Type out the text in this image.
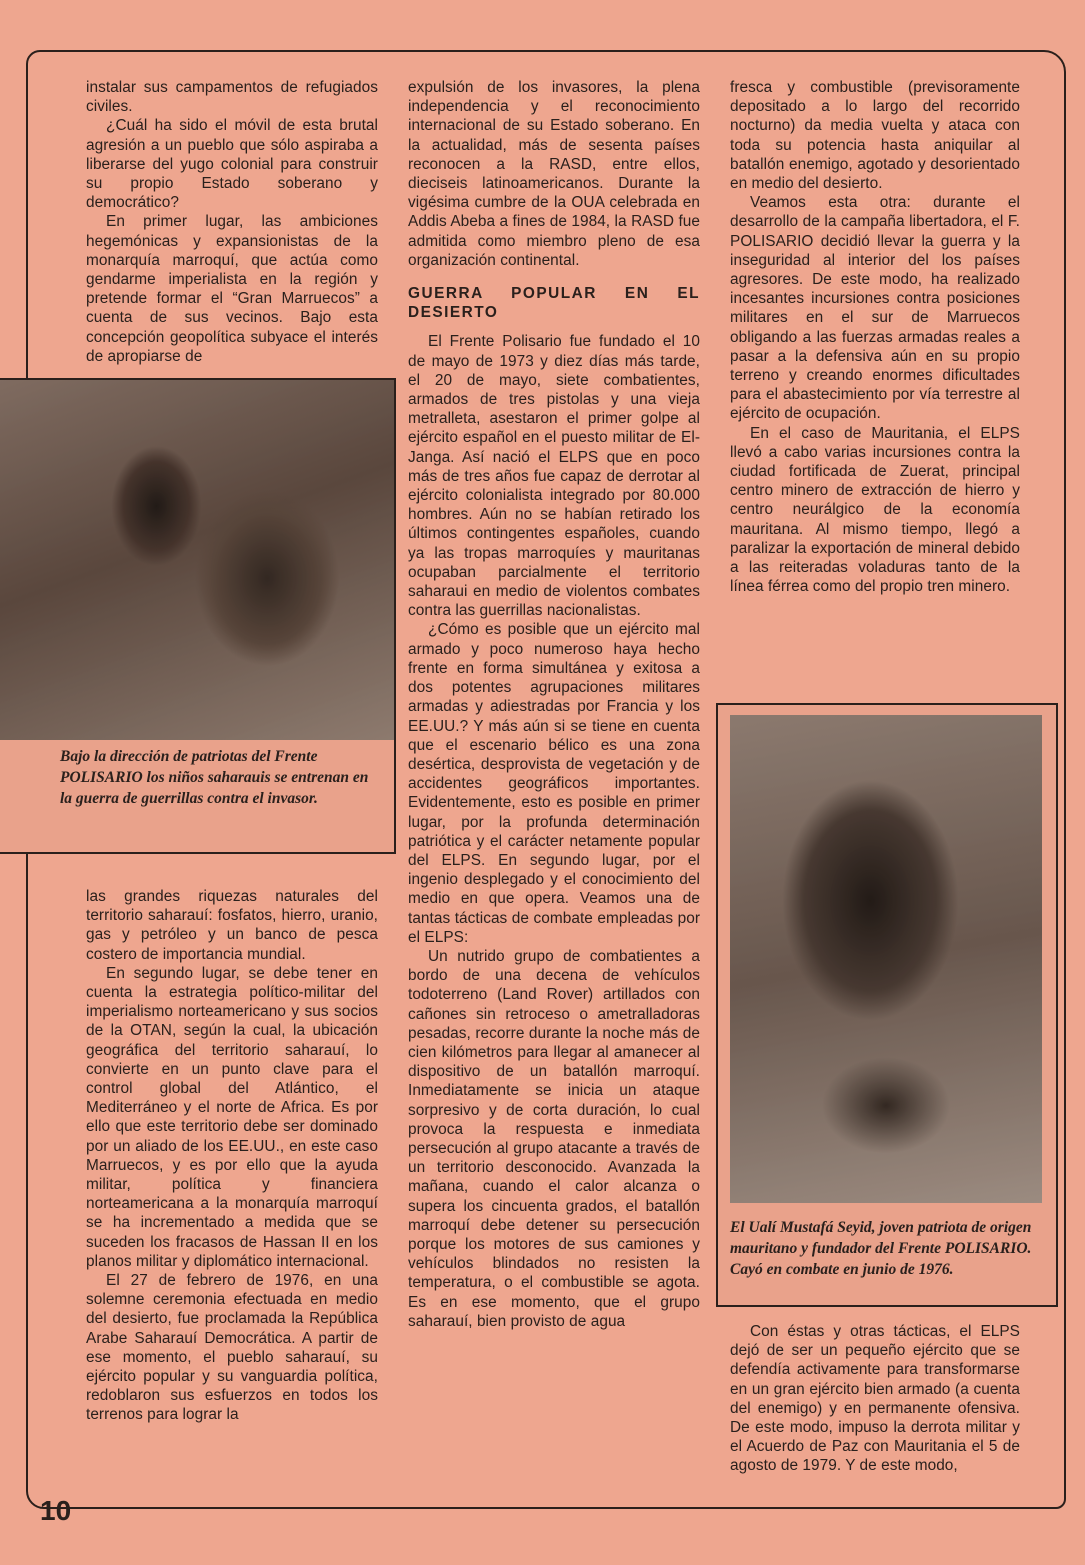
instalar sus campamentos de refugiados civiles.

¿Cuál ha sido el móvil de esta brutal agresión a un pueblo que sólo aspiraba a liberarse del yugo colonial para construir su propio Estado soberano y democrático?

En primer lugar, las ambiciones hegemónicas y expansionistas de la monarquía marroquí, que actúa como gendarme imperialista en la región y pretende formar el “Gran Marruecos” a cuenta de sus vecinos. Bajo esta concepción geopolítica subyace el interés de apropiarse de

Bajo la dirección de patriotas del Frente POLISARIO los niños saharauis se entrenan en la guerra de guerrillas contra el invasor.

las grandes riquezas naturales del territorio saharauí: fosfatos, hierro, uranio, gas y petróleo y un banco de pesca costero de importancia mundial.

En segundo lugar, se debe tener en cuenta la estrategia político-militar del imperialismo norteamericano y sus socios de la OTAN, según la cual, la ubicación geográfica del territorio saharauí, lo convierte en un punto clave para el control global del Atlántico, el Mediterráneo y el norte de Africa. Es por ello que este territorio debe ser dominado por un aliado de los EE.UU., en este caso Marruecos, y es por ello que la ayuda militar, política y financiera norteamericana a la monarquía marroquí se ha incrementado a medida que se suceden los fracasos de Hassan II en los planos militar y diplomático internacional.

El 27 de febrero de 1976, en una solemne ceremonia efectuada en medio del desierto, fue proclamada la República Arabe Saharauí Democrática. A partir de ese momento, el pueblo saharauí, su ejército popular y su vanguardia política, redoblaron sus esfuerzos en todos los terrenos para lograr la

expulsión de los invasores, la plena independencia y el reconocimiento internacional de su Estado soberano. En la actualidad, más de sesenta países reconocen a la RASD, entre ellos, dieciseis latinoamericanos. Durante la vigésima cumbre de la OUA celebrada en Addis Abeba a fines de 1984, la RASD fue admitida como miembro pleno de esa organización continental.

GUERRA POPULAR EN EL DESIERTO

El Frente Polisario fue fundado el 10 de mayo de 1973 y diez días más tarde, el 20 de mayo, siete combatientes, armados de tres pistolas y una vieja metralleta, asestaron el primer golpe al ejército español en el puesto militar de El-Janga. Así nació el ELPS que en poco más de tres años fue capaz de derrotar al ejército colonialista integrado por 80.000 hombres. Aún no se habían retirado los últimos contingentes españoles, cuando ya las tropas marroquíes y mauritanas ocupaban parcialmente el territorio saharaui en medio de violentos combates contra las guerrillas nacionalistas.

¿Cómo es posible que un ejército mal armado y poco numeroso haya hecho frente en forma simultánea y exitosa a dos potentes agrupaciones militares armadas y adiestradas por Francia y los EE.UU.? Y más aún si se tiene en cuenta que el escenario bélico es una zona desértica, desprovista de vegetación y de accidentes geográficos importantes. Evidentemente, esto es posible en primer lugar, por la profunda determinación patriótica y el carácter netamente popular del ELPS. En segundo lugar, por el ingenio desplegado y el conocimiento del medio en que opera. Veamos una de tantas tácticas de combate empleadas por el ELPS:

Un nutrido grupo de combatientes a bordo de una decena de vehículos todoterreno (Land Rover) artillados con cañones sin retroceso o ametralladoras pesadas, recorre durante la noche más de cien kilómetros para llegar al amanecer al dispositivo de un batallón marroquí. Inmediatamente se inicia un ataque sorpresivo y de corta duración, lo cual provoca la respuesta e inmediata persecución al grupo atacante a través de un territorio desconocido. Avanzada la mañana, cuando el calor alcanza o supera los cincuenta grados, el batallón marroquí debe detener su persecución porque los motores de sus camiones y vehículos blindados no resisten la temperatura, o el combustible se agota. Es en ese momento, que el grupo saharauí, bien provisto de agua

fresca y combustible (previsoramente depositado a lo largo del recorrido nocturno) da media vuelta y ataca con toda su potencia hasta aniquilar al batallón enemigo, agotado y desorientado en medio del desierto.

Veamos esta otra: durante el desarrollo de la campaña libertadora, el F. POLISARIO decidió llevar la guerra y la inseguridad al interior del los países agresores. De este modo, ha realizado incesantes incursiones contra posiciones militares en el sur de Marruecos obligando a las fuerzas armadas reales a pasar a la defensiva aún en su propio terreno y creando enormes dificultades para el abastecimiento por vía terrestre al ejército de ocupación.

En el caso de Mauritania, el ELPS llevó a cabo varias incursiones contra la ciudad fortificada de Zuerat, principal centro minero de extracción de hierro y centro neurálgico de la economía mauritana. Al mismo tiempo, llegó a paralizar la exportación de mineral debido a las reiteradas voladuras tanto de la línea férrea como del propio tren minero.

El Ualí Mustafá Seyid, joven patriota de origen mauritano y fundador del Frente POLISARIO. Cayó en combate en junio de 1976.

Con éstas y otras tácticas, el ELPS dejó de ser un pequeño ejército que se defendía activamente para transformarse en un gran ejército bien armado (a cuenta del enemigo) y en permanente ofensiva. De este modo, impuso la derrota militar y el Acuerdo de Paz con Mauritania el 5 de agosto de 1979. Y de este modo,

10
